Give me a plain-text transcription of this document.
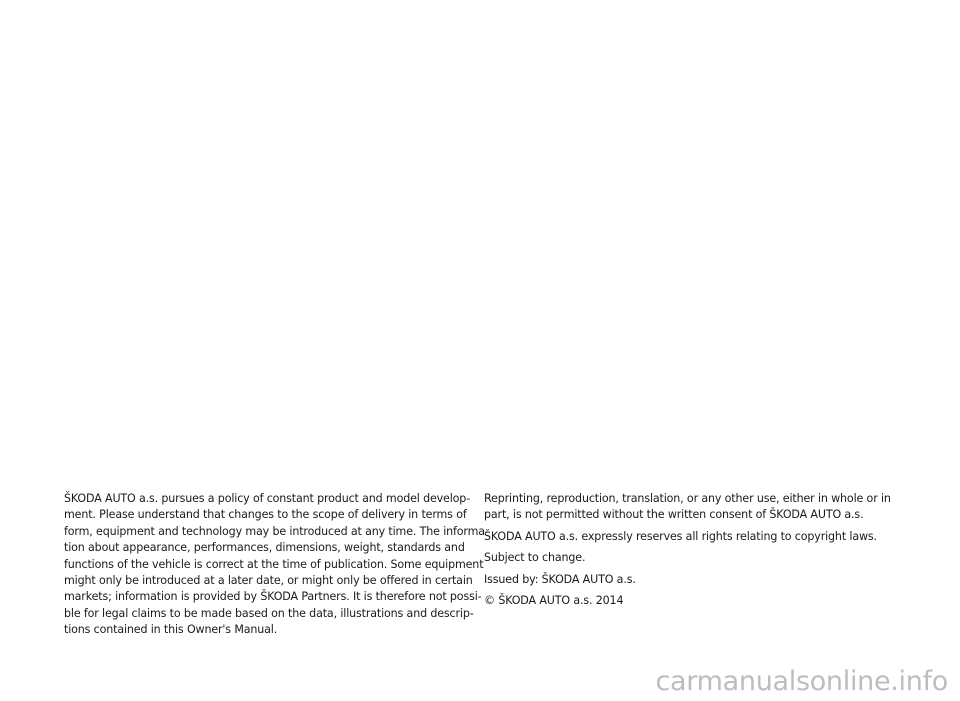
ŠKODA AUTO a.s. pursues a policy of constant product and model develop-
ment. Please understand that changes to the scope of delivery in terms of
form, equipment and technology may be introduced at any time. The informa-
tion about appearance, performances, dimensions, weight, standards and
functions of the vehicle is correct at the time of publication. Some equipment
might only be introduced at a later date, or might only be offered in certain
markets; information is provided by ŠKODA Partners. It is therefore not possi-
ble for legal claims to be made based on the data, illustrations and descrip-
tions contained in this Owner's Manual.
Reprinting, reproduction, translation, or any other use, either in whole or in
part, is not permitted without the written consent of ŠKODA AUTO a.s.
ŠKODA AUTO a.s. expressly reserves all rights relating to copyright laws.
Subject to change.
Issued by: ŠKODA AUTO a.s.
© ŠKODA AUTO a.s. 2014
carmanualsonline.info
